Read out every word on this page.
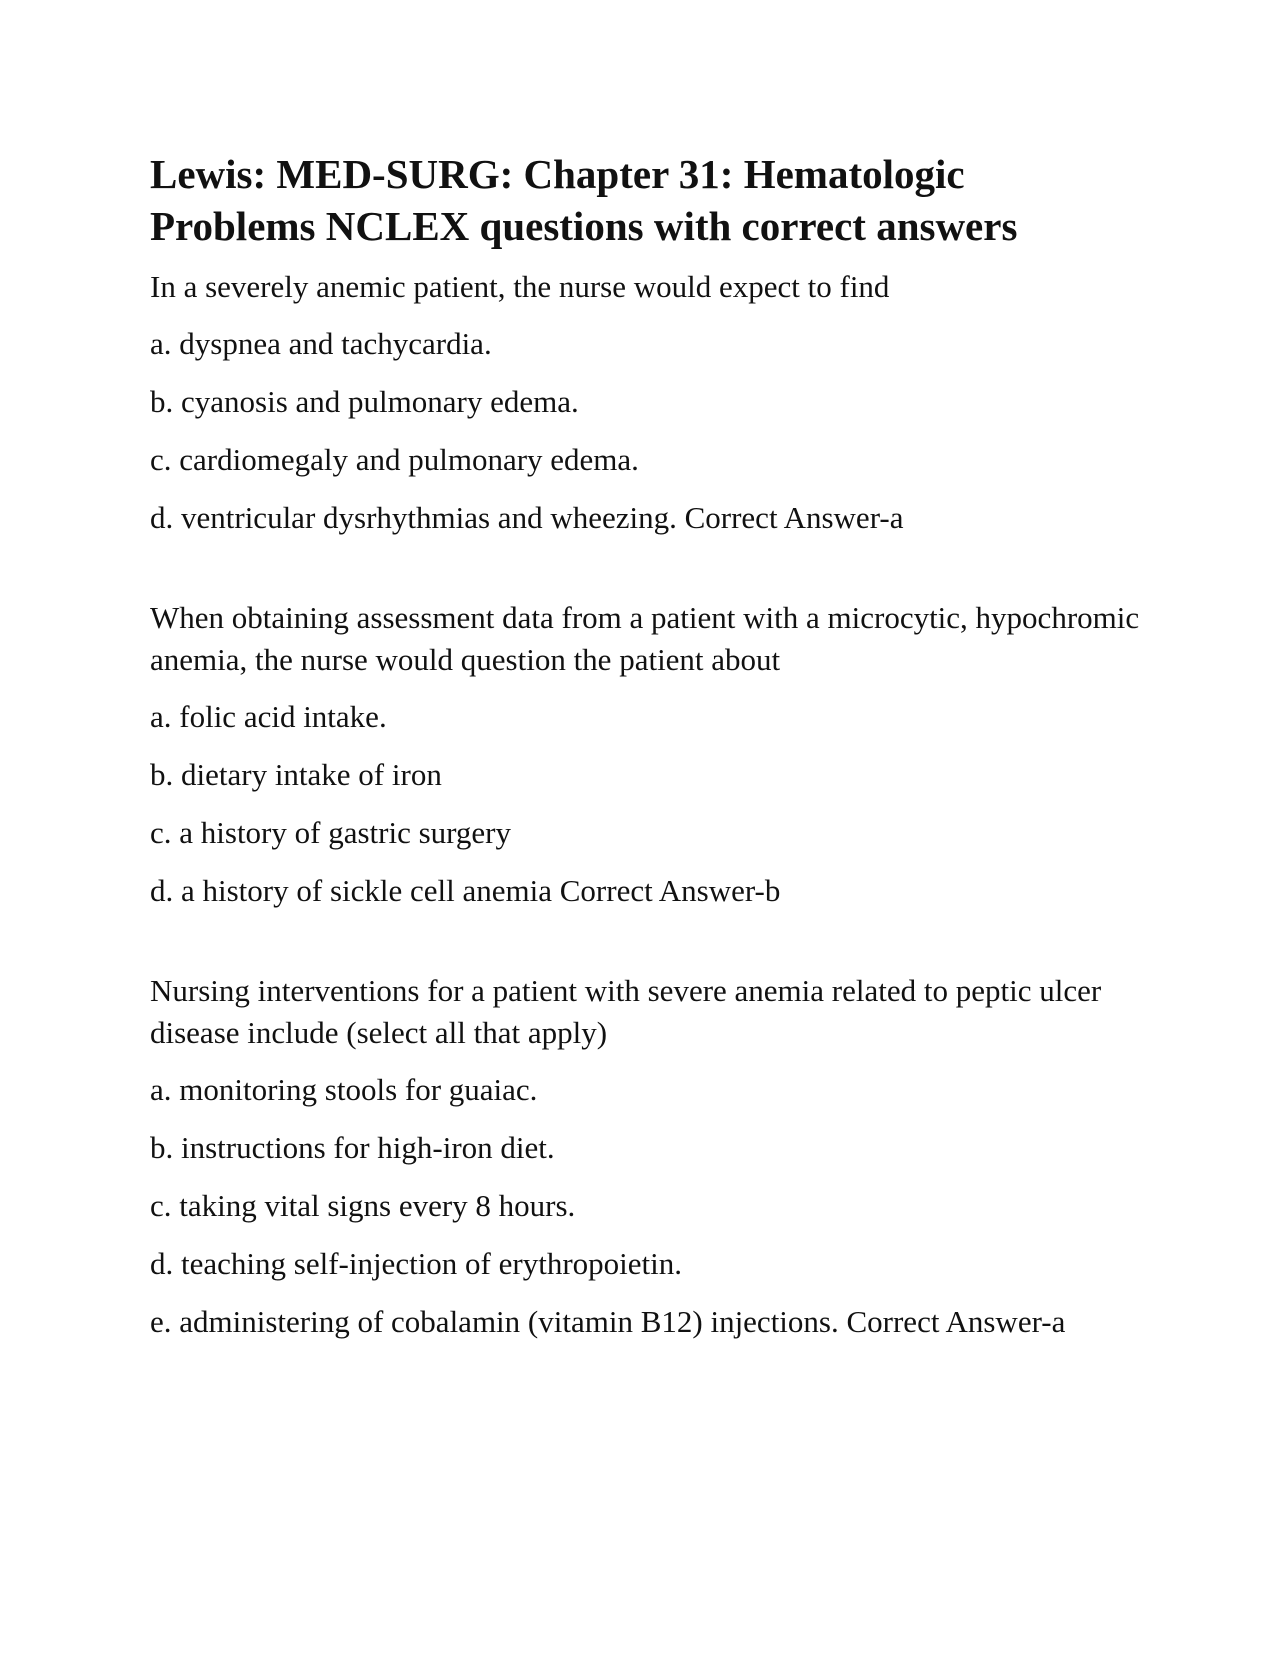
Lewis: MED-SURG: Chapter 31: Hematologic Problems NCLEX questions with correct answers

In a severely anemic patient, the nurse would expect to find

a. dyspnea and tachycardia.

b. cyanosis and pulmonary edema.

c. cardiomegaly and pulmonary edema.

d. ventricular dysrhythmias and wheezing. Correct Answer-a

When obtaining assessment data from a patient with a microcytic, hypochromic anemia, the nurse would question the patient about

a. folic acid intake.

b. dietary intake of iron

c. a history of gastric surgery

d. a history of sickle cell anemia Correct Answer-b

Nursing interventions for a patient with severe anemia related to peptic ulcer disease include (select all that apply)

a. monitoring stools for guaiac.

b. instructions for high-iron diet.

c. taking vital signs every 8 hours.

d. teaching self-injection of erythropoietin.

e. administering of cobalamin (vitamin B12) injections. Correct Answer-a
